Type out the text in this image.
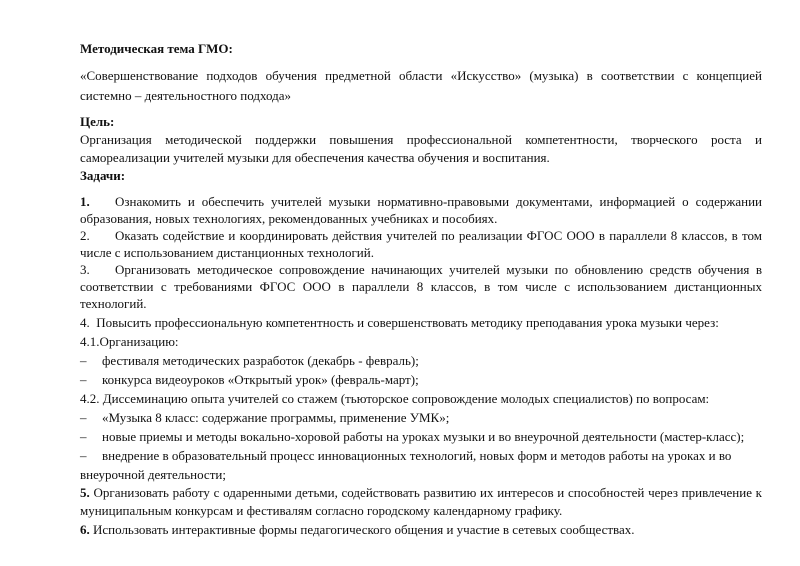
Методическая тема ГМО:
«Совершенствование подходов обучения предметной области «Искусство» (музыка) в соответствии с концепцией системно – деятельностного подхода»
Цель:
Организация методической поддержки повышения профессиональной компетентности, творческого роста и самореализации учителей музыки для обеспечения качества обучения и воспитания.
Задачи:
1. Ознакомить и обеспечить учителей музыки нормативно-правовыми документами, информацией о содержании образования, новых технологиях, рекомендованных учебниках и пособиях.
2. Оказать содействие и координировать действия учителей по реализации ФГОС ООО в параллели 8 классов, в том числе с использованием дистанционных технологий.
3. Организовать методическое сопровождение начинающих учителей музыки по обновлению средств обучения в соответствии с требованиями ФГОС ООО в параллели 8 классов, в том числе с использованием дистанционных технологий.
4. Повысить профессиональную компетентность и совершенствовать методику преподавания урока музыки через:
4.1.Организацию:
– фестиваля методических разработок (декабрь - февраль);
– конкурса видеоуроков «Открытый урок» (февраль-март);
4.2. Диссеминацию опыта учителей со стажем (тьюторское сопровождение молодых специалистов) по вопросам:
– «Музыка 8 класс: содержание программы, применение УМК»;
– новые приемы и методы вокально-хоровой работы на уроках музыки и во внеурочной деятельности (мастер-класс);
– внедрение в образовательный процесс инновационных технологий, новых форм и методов работы на уроках и во внеурочной деятельности;
5. Организовать работу с одаренными детьми, содействовать развитию их интересов и способностей через привлечение к муниципальным конкурсам и фестивалям согласно городскому календарному графику.
6. Использовать интерактивные формы педагогического общения и участие в сетевых сообществах.
